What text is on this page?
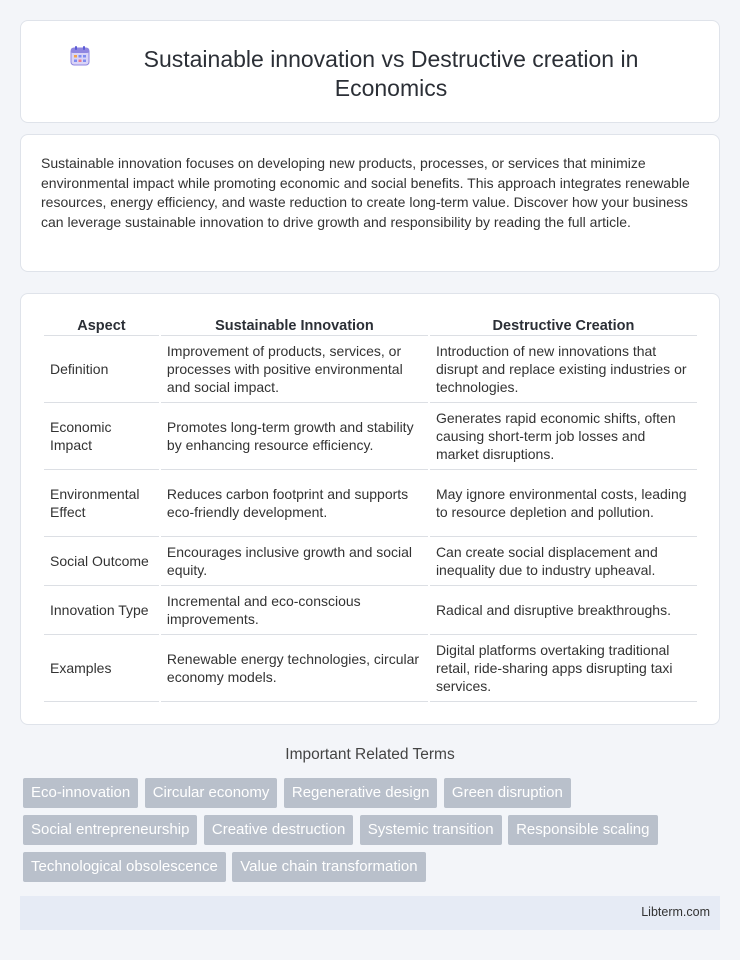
Sustainable innovation vs Destructive creation in Economics

Sustainable innovation focuses on developing new products, processes, or services that minimize environmental impact while promoting economic and social benefits. This approach integrates renewable resources, energy efficiency, and waste reduction to create long-term value. Discover how your business can leverage sustainable innovation to drive growth and responsibility by reading the full article.

Aspect	Sustainable Innovation	Destructive Creation
Definition	Improvement of products, services, or processes with positive environmental and social impact.	Introduction of new innovations that disrupt and replace existing industries or technologies.
Economic Impact	Promotes long-term growth and stability by enhancing resource efficiency.	Generates rapid economic shifts, often causing short-term job losses and market disruptions.
Environmental Effect	Reduces carbon footprint and supports eco-friendly development.	May ignore environmental costs, leading to resource depletion and pollution.
Social Outcome	Encourages inclusive growth and social equity.	Can create social displacement and inequality due to industry upheaval.
Innovation Type	Incremental and eco-conscious improvements.	Radical and disruptive breakthroughs.
Examples	Renewable energy technologies, circular economy models.	Digital platforms overtaking traditional retail, ride-sharing apps disrupting taxi services.
Important Related Terms
Eco-innovation Circular economy Regenerative design Green disruption
Social entrepreneurship Creative destruction Systemic transition Responsible scaling
Technological obsolescence Value chain transformation
Libterm.com
